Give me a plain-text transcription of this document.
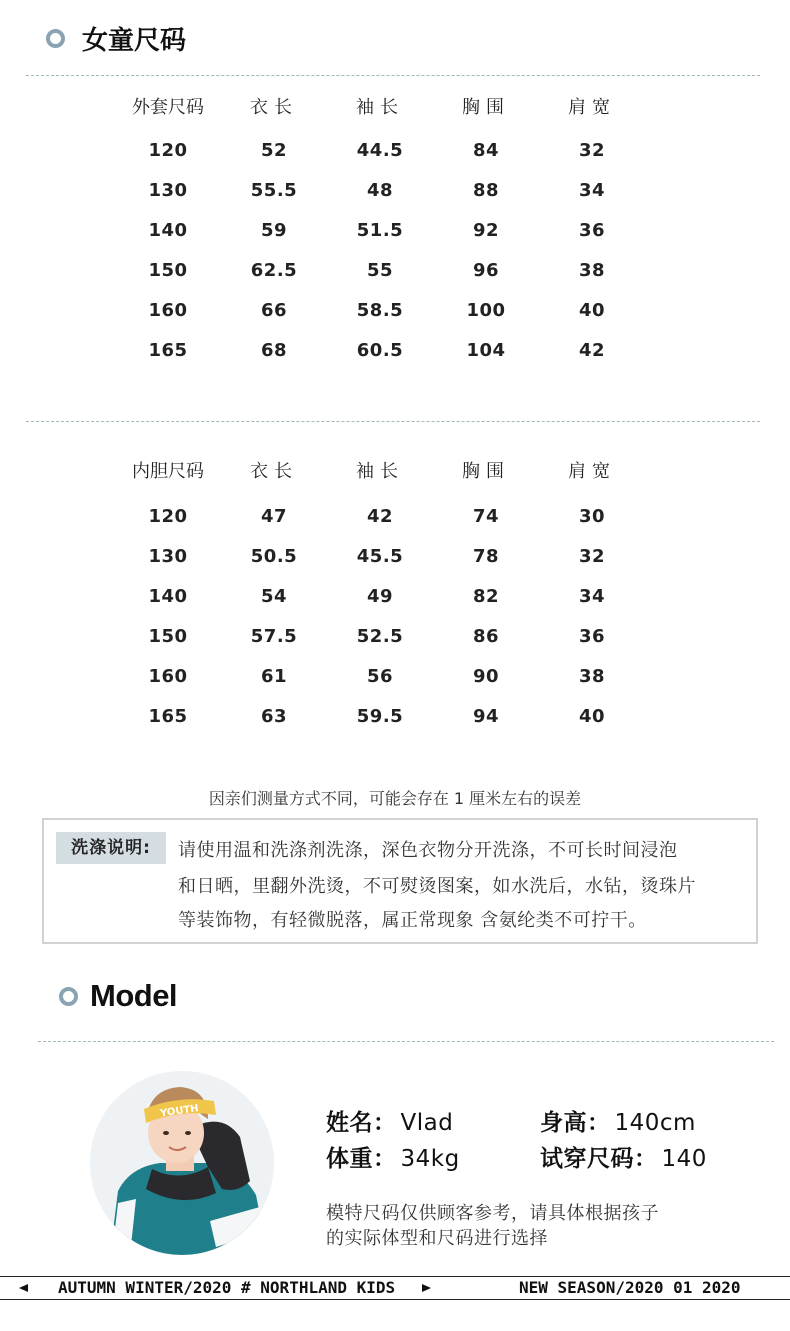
女童尺码
外套尺码	衣长	袖长	胸围	肩宽

120	52	44.5	84	32
130	55.5	48	88	34
140	59	51.5	92	36
150	62.5	55	96	38
160	66	58.5	100	40
165	68	60.5	104	42
内胆尺码	衣长	袖长	胸围	肩宽

120	47	42	74	30
130	50.5	45.5	78	32
140	54	49	82	34
150	57.5	52.5	86	36
160	61	56	90	38
165	63	59.5	94	40
因亲们测量方式不同，可能会存在 1 厘米左右的误差
洗涤说明:	请使用温和洗涤剂洗涤，深色衣物分开洗涤，不可长时间浸泡
和日晒，里翻外洗烫，不可熨烫图案，如水洗后，水钻，烫珠片
等装饰物，有轻微脱落，属正常现象 含氨纶类不可拧干。
Model
YOUTH	姓名： Vlad	身高： 140cm
体重： 34kg	试穿尺码： 140
模特尺码仅供顾客参考，请具体根据孩子
的实际体型和尺码进行选择
AUTUMN WINTER/2020 # NORTHLAND KIDS	NEW SEASON/2020 01 2020
